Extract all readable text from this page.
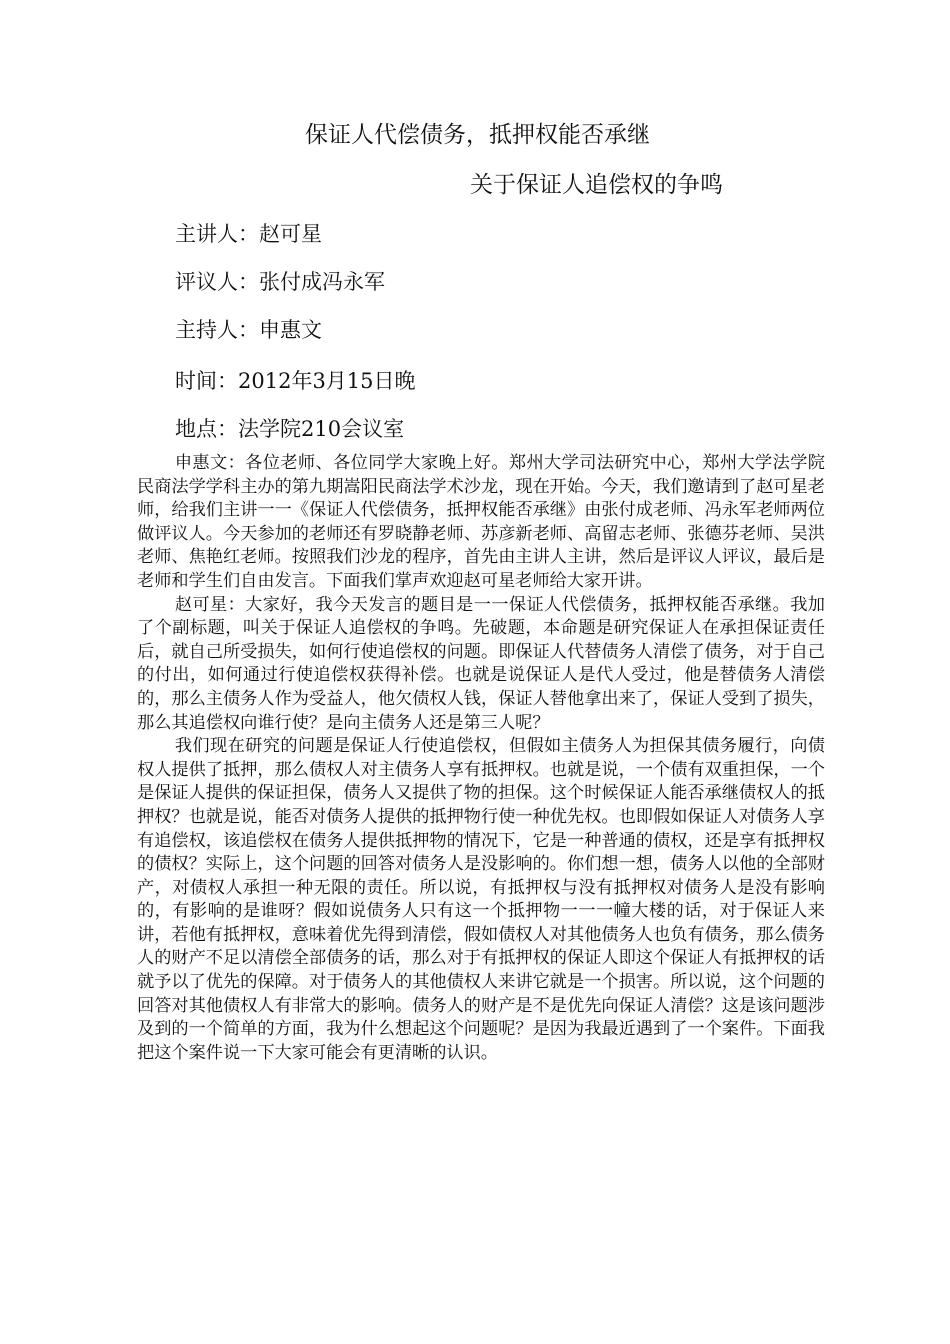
保证人代偿债务，抵押权能否承继
关于保证人追偿权的争鸣
主讲人：赵可星
评议人：张付成冯永军
主持人：申惠文
时间：2012年3月15日晚
地点：法学院210会议室

申惠文：各位老师、各位同学大家晚上好。郑州大学司法研究中心，郑州大学法学院民商法学学科主办的第九期嵩阳民商法学术沙龙，现在开始。今天，我们邀请到了赵可星老师，给我们主讲一一《保证人代偿债务，抵押权能否承继》由张付成老师、冯永军老师两位做评议人。今天参加的老师还有罗晓静老师、苏彦新老师、高留志老师、张德芬老师、吴洪老师、焦艳红老师。按照我们沙龙的程序，首先由主讲人主讲，然后是评议人评议，最后是老师和学生们自由发言。下面我们掌声欢迎赵可星老师给大家开讲。

赵可星：大家好，我今天发言的题目是一一保证人代偿债务，抵押权能否承继。我加了个副标题，叫关于保证人追偿权的争鸣。先破题，本命题是研究保证人在承担保证责任后，就自己所受损失，如何行使追偿权的问题。即保证人代替债务人清偿了债务，对于自己的付出，如何通过行使追偿权获得补偿。也就是说保证人是代人受过，他是替债务人清偿的，那么主债务人作为受益人，他欠债权人钱，保证人替他拿出来了，保证人受到了损失，那么其追偿权向谁行使？是向主债务人还是第三人呢？

我们现在研究的问题是保证人行使追偿权，但假如主债务人为担保其债务履行，向债权人提供了抵押，那么债权人对主债务人享有抵押权。也就是说，一个债有双重担保，一个是保证人提供的保证担保，债务人又提供了物的担保。这个时候保证人能否承继债权人的抵押权？也就是说，能否对债务人提供的抵押物行使一种优先权。也即假如保证人对债务人享有追偿权，该追偿权在债务人提供抵押物的情况下，它是一种普通的债权，还是享有抵押权的债权？实际上，这个问题的回答对债务人是没影响的。你们想一想，债务人以他的全部财产，对债权人承担一种无限的责任。所以说，有抵押权与没有抵押权对债务人是没有影响的，有影响的是谁呀？假如说债务人只有这一个抵押物一一一幢大楼的话，对于保证人来讲，若他有抵押权，意味着优先得到清偿，假如债权人对其他债务人也负有债务，那么债务人的财产不足以清偿全部债务的话，那么对于有抵押权的保证人即这个保证人有抵押权的话就予以了优先的保障。对于债务人的其他债权人来讲它就是一个损害。所以说，这个问题的回答对其他债权人有非常大的影响。债务人的财产是不是优先向保证人清偿？这是该问题涉及到的一个简单的方面，我为什么想起这个问题呢？是因为我最近遇到了一个案件。下面我把这个案件说一下大家可能会有更清晰的认识。
